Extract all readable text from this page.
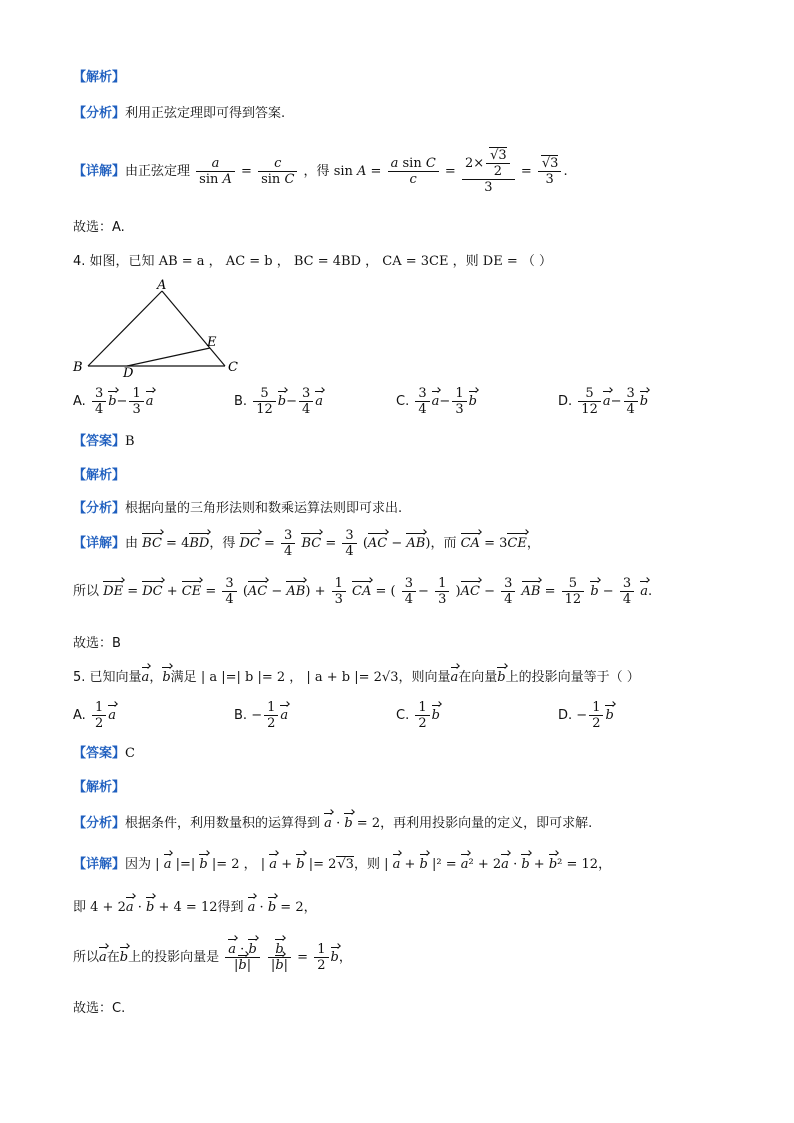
【解析】
【分析】利用正弦定理即可得到答案.
【详解】由正弦定理 $\frac{a}{\text{sin A}} = \frac{c}{\text{sin C}}$ ，得 $\sin A = \frac{\text{a sin C}}{c} = \frac{2\times \frac{√3}{2}}{3} = \frac{√3}{3}$ .
故选：A.
4. 如图，已知 AB = a ， AC = b ， BC = 4BD ， CA = 3CE ，则 DE = （ ）
A
B	C
D
E
A. $\frac{3}{4} b- \frac{1}{3}$ a	B. $\frac{5}{12} b- \frac{3}{4}$ a	C. $\frac{3}{4} a- \frac{1}{3}$ b	D. $\frac{5}{12} a- \frac{3}{4}$ b
【答案】B
【解析】
【分析】根据向量的三角形法则和数乘运算法则即可求出.
【详解】由 BC = 4BD，得 DC = $\frac{3}{4}$ BC = $\frac{3}{4} (AC - AB)$，而 CA = 3CE，
所以 DE = DC + CE = $\frac{3}{4} (AC - AB) + \frac{1}{3}$ CA = ( $\frac{3}{4} - \frac{1}{3} )AC - \frac{3}{4}$ AB = $\frac{5}{12}$ $b - \frac{3}{4} a$.
故选：B
5. 已知向量a，b满足 | a |=| b |= 2 ， | a + b |= 2√3，则向量a在向量b上的投影向量等于（ ）
A. $\frac{1}{2}$ a	B. − $\frac{1}{2}$ a	C. $\frac{1}{2}$ b	D. − $\frac{1}{2}$ b
【答案】C
【解析】
【分析】根据条件，利用数量积的运算得到 a · b = 2，再利用投影向量的定义，即可求解.
【详解】因为 | a |=| b |= 2 ， | a + b |= 2√3，则 | a + b |² = a² + 2a · b + b² = 12，
即 4 + 2a · b + 4 = 12得到 a · b = 2，
所以a在b上的投影向量是 $\frac{a \cdot b}{|b|}$
$\frac{b}{|b|} = \frac{1}{2}$ b，
故选：C.
